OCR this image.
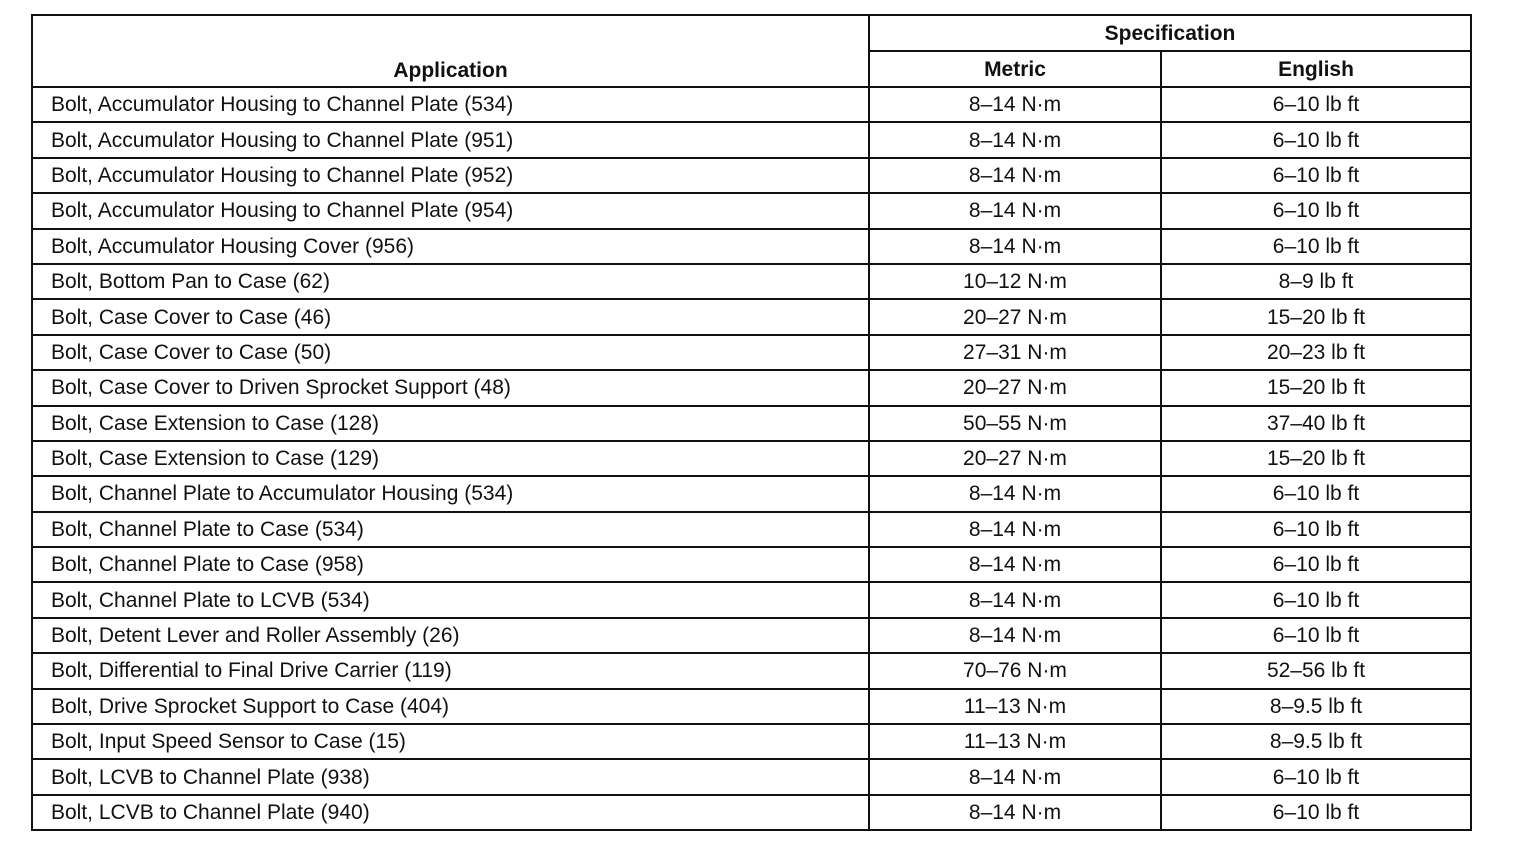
Application	Specification	
	Metric	English
Bolt, Accumulator Housing to Channel Plate (534)	8–14 N·m	6–10 lb ft
Bolt, Accumulator Housing to Channel Plate (951)	8–14 N·m	6–10 lb ft
Bolt, Accumulator Housing to Channel Plate (952)	8–14 N·m	6–10 lb ft
Bolt, Accumulator Housing to Channel Plate (954)	8–14 N·m	6–10 lb ft
Bolt, Accumulator Housing Cover (956)	8–14 N·m	6–10 lb ft
Bolt, Bottom Pan to Case (62)	10–12 N·m	8–9 lb ft
Bolt, Case Cover to Case (46)	20–27 N·m	15–20 lb ft
Bolt, Case Cover to Case (50)	27–31 N·m	20–23 lb ft
Bolt, Case Cover to Driven Sprocket Support (48)	20–27 N·m	15–20 lb ft
Bolt, Case Extension to Case (128)	50–55 N·m	37–40 lb ft
Bolt, Case Extension to Case (129)	20–27 N·m	15–20 lb ft
Bolt, Channel Plate to Accumulator Housing (534)	8–14 N·m	6–10 lb ft
Bolt, Channel Plate to Case (534)	8–14 N·m	6–10 lb ft
Bolt, Channel Plate to Case (958)	8–14 N·m	6–10 lb ft
Bolt, Channel Plate to LCVB (534)	8–14 N·m	6–10 lb ft
Bolt, Detent Lever and Roller Assembly (26)	8–14 N·m	6–10 lb ft
Bolt, Differential to Final Drive Carrier (119)	70–76 N·m	52–56 lb ft
Bolt, Drive Sprocket Support to Case (404)	11–13 N·m	8–9.5 lb ft
Bolt, Input Speed Sensor to Case (15)	11–13 N·m	8–9.5 lb ft
Bolt, LCVB to Channel Plate (938)	8–14 N·m	6–10 lb ft
Bolt, LCVB to Channel Plate (940)	8–14 N·m	6–10 lb ft
